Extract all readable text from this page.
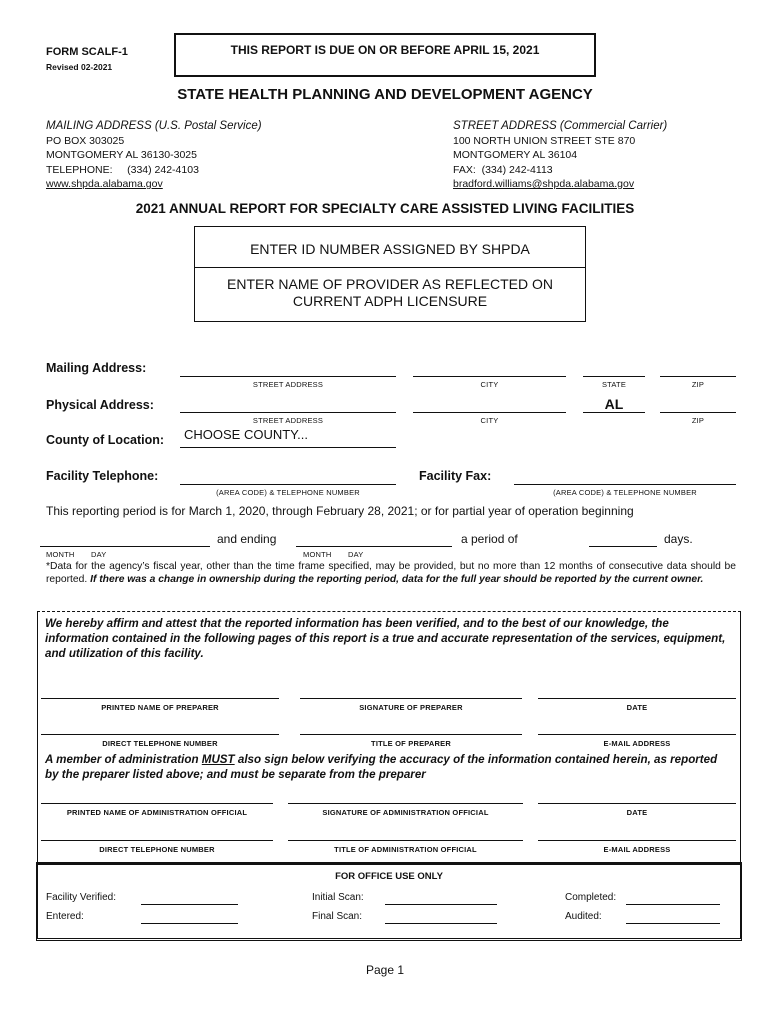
FORM SCALF-1
Revised 02-2021
THIS REPORT IS DUE ON OR BEFORE APRIL 15, 2021
STATE HEALTH PLANNING AND DEVELOPMENT AGENCY
MAILING ADDRESS (U.S. Postal Service)
PO BOX 303025
MONTGOMERY AL 36130-3025
TELEPHONE:     (334) 242-4103
www.shpda.alabama.gov
STREET ADDRESS (Commercial Carrier)
100 NORTH UNION STREET STE 870
MONTGOMERY AL 36104
FAX:  (334) 242-4113
bradford.williams@shpda.alabama.gov
2021 ANNUAL REPORT FOR SPECIALTY CARE ASSISTED LIVING FACILITIES
ENTER ID NUMBER ASSIGNED BY SHPDA
ENTER NAME OF PROVIDER AS REFLECTED ON
CURRENT ADPH LICENSURE
Mailing Address:
STREET ADDRESS	CITY	STATE	ZIP
Physical Address:	AL
STREET ADDRESS	CITY	ZIP
County of Location: CHOOSE COUNTY...
Facility Telephone:
(AREA CODE) & TELEPHONE NUMBER
Facility Fax:
(AREA CODE) & TELEPHONE NUMBER
This reporting period is for March 1, 2020, through February 28, 2021; or for partial year of operation beginning
and ending	a period of	days.
MONTH DAY	MONTH DAY
*Data for the agency’s fiscal year, other than the time frame specified, may be provided, but no more than 12 months of consecutive data should be reported. If there was a change in ownership during the reporting period, data for the full year should be reported by the current owner.
We hereby affirm and attest that the reported information has been verified, and to the best of our knowledge, the information contained in the following pages of this report is a true and accurate representation of the services, equipment, and utilization of this facility.
PRINTED NAME OF PREPARER	SIGNATURE OF PREPARER	DATE
DIRECT TELEPHONE NUMBER	TITLE OF PREPARER	E-MAIL ADDRESS
A member of administration MUST also sign below verifying the accuracy of the information contained herein, as reported by the preparer listed above; and must be separate from the preparer
PRINTED NAME OF ADMINISTRATION OFFICIAL	SIGNATURE OF ADMINISTRATION OFFICIAL	DATE
DIRECT TELEPHONE NUMBER	TITLE OF ADMINISTRATION OFFICIAL	E-MAIL ADDRESS
FOR OFFICE USE ONLY
Facility Verified:	Initial Scan:	Completed:
Entered:	Final Scan:	Audited:
Page 1
